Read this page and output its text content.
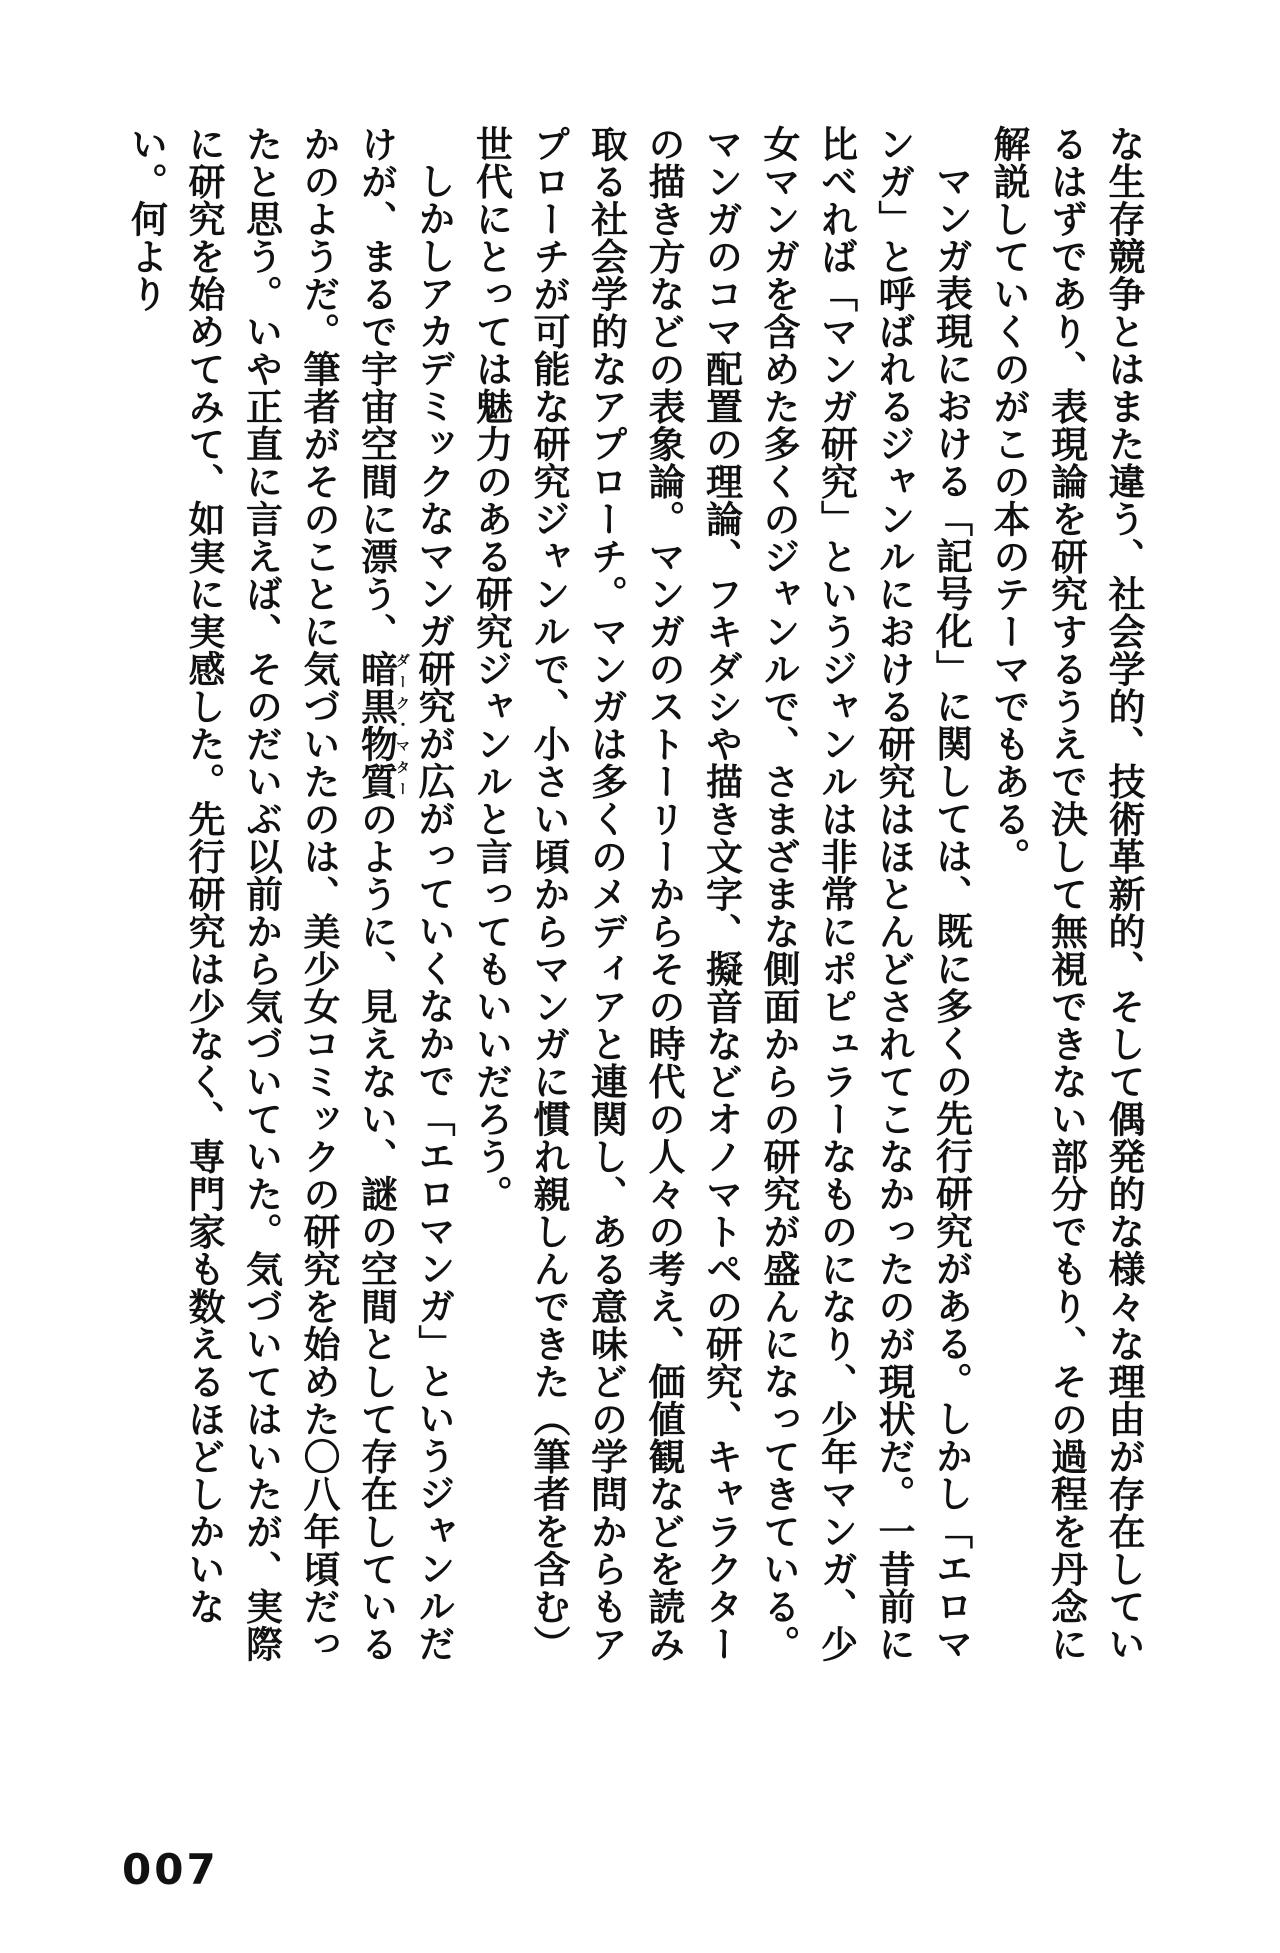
な生存競争とはまた違う、社会学的、技術革新的、そして偶発的な様々な理由が存在しているはずであり、表現論を研究するうえで決して無視できない部分でもり、その過程を丹念に解説していくのがこの本のテーマでもある。

マンガ表現における「記号化」に関しては、既に多くの先行研究がある。しかし「エロマンガ」と呼ばれるジャンルにおける研究はほとんどされてこなかったのが現状だ。一昔前に比べれば「マンガ研究」というジャンルは非常にポピュラーなものになり、少年マンガ、少女マンガを含めた多くのジャンルで、さまざまな側面からの研究が盛んになってきている。マンガのコマ配置の理論、フキダシや描き文字、擬音などオノマトペの研究、キャラクターの描き方などの表象論。マンガのストーリーからその時代の人々の考え、価値観などを読み取る社会学的なアプローチ。マンガは多くのメディアと連関し、ある意味どの学問からもアプローチが可能な研究ジャンルで、小さい頃からマンガに慣れ親しんできた（筆者を含む）世代にとっては魅力のある研究ジャンルと言ってもいいだろう。

しかしアカデミックなマンガ研究が広がっていくなかで「エロマンガ」というジャンルだけが、まるで宇宙空間に漂う、暗黒物質ダーク・マターのように、見えない、謎の空間として存在しているかのようだ。筆者がそのことに気づいたのは、美少女コミックの研究を始めた〇八年頃だったと思う。いや正直に言えば、そのだいぶ以前から気づいていた。気づいてはいたが、実際に研究を始めてみて、如実に実感した。先行研究は少なく、専門家も数えるほどしかいない。何より

007
